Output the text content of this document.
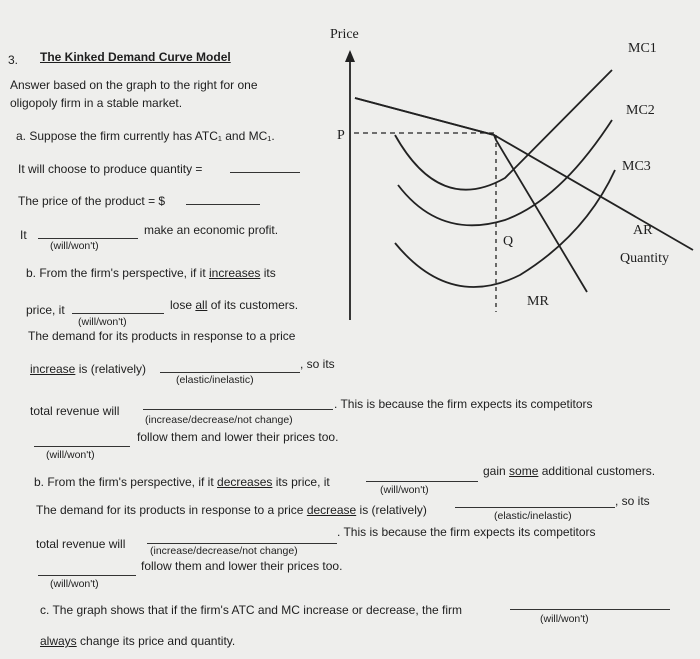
Price
P
MC1
MC2
MC3
AR
Quantity
Q
MR
3. The Kinked Demand Curve Model
Answer based on the graph to the right for one
oligopoly firm in a stable market.
a. Suppose the firm currently has ATC₁ and MC₁.
It will choose to produce quantity =
The price of the product = $
It	make an economic profit.
(will/won't)
b. From the firm's perspective, if it increases its
price, it	lose all of its customers.
(will/won't)
The demand for its products in response to a price
increase is (relatively)	, so its
(elastic/inelastic)
total revenue will	. This is because the firm expects its competitors
(increase/decrease/not change)
follow them and lower their prices too.
(will/won't)
b. From the firm's perspective, if it decreases its price, it
gain some additional customers.
(will/won't)
The demand for its products in response to a price decrease is (relatively)
, so its
(elastic/inelastic)
total revenue will
. This is because the firm expects its competitors
(increase/decrease/not change)
follow them and lower their prices too.
(will/won't)
c. The graph shows that if the firm's ATC and MC increase or decrease, the firm
(will/won't)
always change its price and quantity.
